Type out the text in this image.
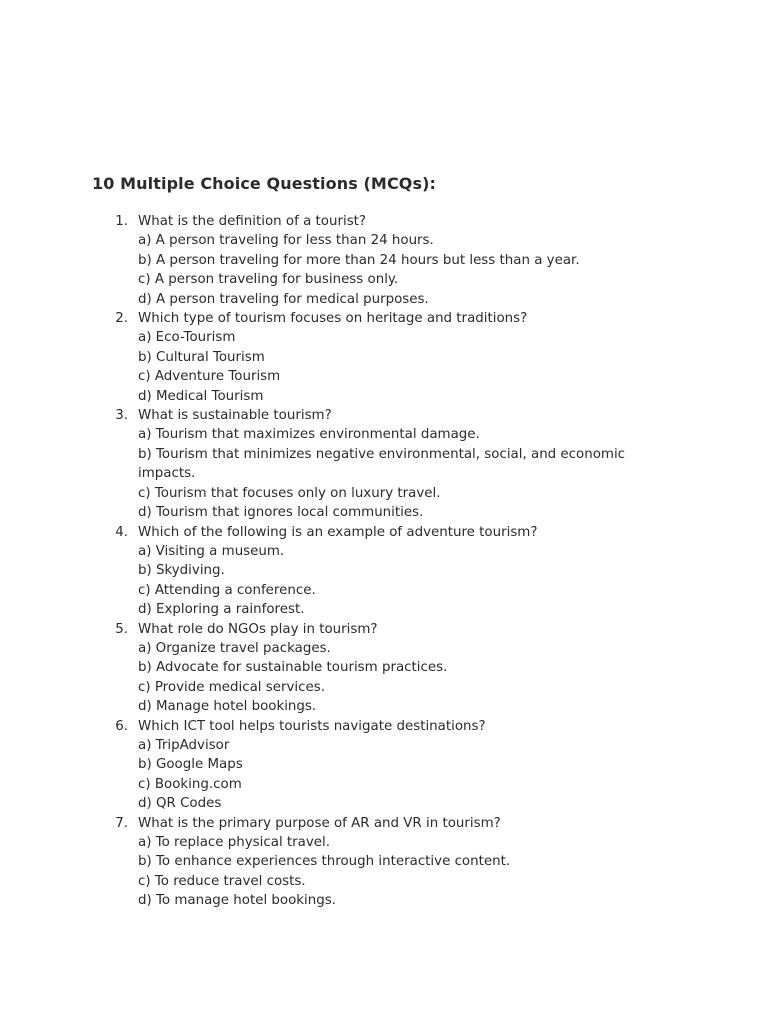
10 Multiple Choice Questions (MCQs):
1. What is the definition of a tourist?
a) A person traveling for less than 24 hours.
b) A person traveling for more than 24 hours but less than a year.
c) A person traveling for business only.
d) A person traveling for medical purposes.
2. Which type of tourism focuses on heritage and traditions?
a) Eco-Tourism
b) Cultural Tourism
c) Adventure Tourism
d) Medical Tourism
3. What is sustainable tourism?
a) Tourism that maximizes environmental damage.
b) Tourism that minimizes negative environmental, social, and economic impacts.
c) Tourism that focuses only on luxury travel.
d) Tourism that ignores local communities.
4. Which of the following is an example of adventure tourism?
a) Visiting a museum.
b) Skydiving.
c) Attending a conference.
d) Exploring a rainforest.
5. What role do NGOs play in tourism?
a) Organize travel packages.
b) Advocate for sustainable tourism practices.
c) Provide medical services.
d) Manage hotel bookings.
6. Which ICT tool helps tourists navigate destinations?
a) TripAdvisor
b) Google Maps
c) Booking.com
d) QR Codes
7. What is the primary purpose of AR and VR in tourism?
a) To replace physical travel.
b) To enhance experiences through interactive content.
c) To reduce travel costs.
d) To manage hotel bookings.
